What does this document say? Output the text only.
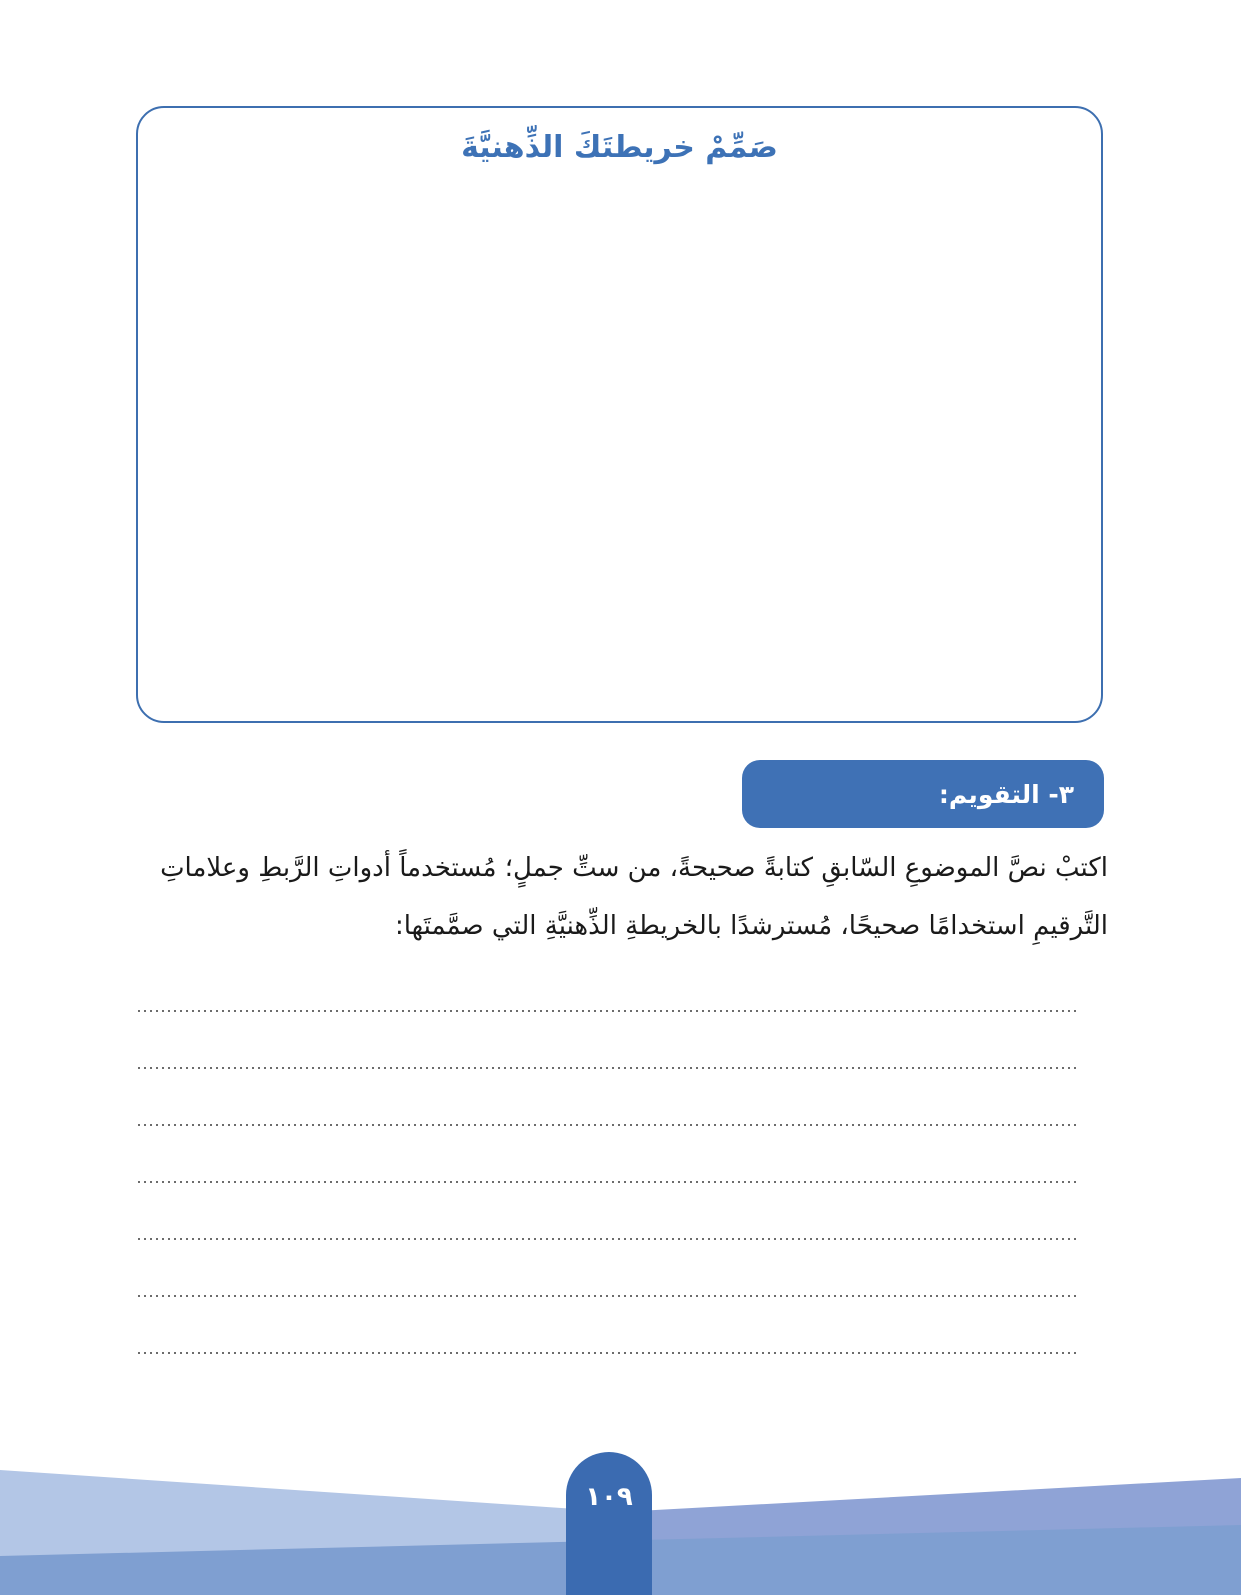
صَمِّمْ خريطتَكَ الذِّهنيَّةَ
٣- التقويم:
اكتبْ نصَّ الموضوعِ السّابقِ كتابةً صحيحةً، من ستِّ جملٍ؛ مُستخدماً أدواتِ الرَّبطِ وعلاماتِ
التَّرقيمِ استخدامًا صحيحًا، مُسترشدًا بالخريطةِ الذِّهنيَّةِ التي صمَّمتَها:
١٠٩
